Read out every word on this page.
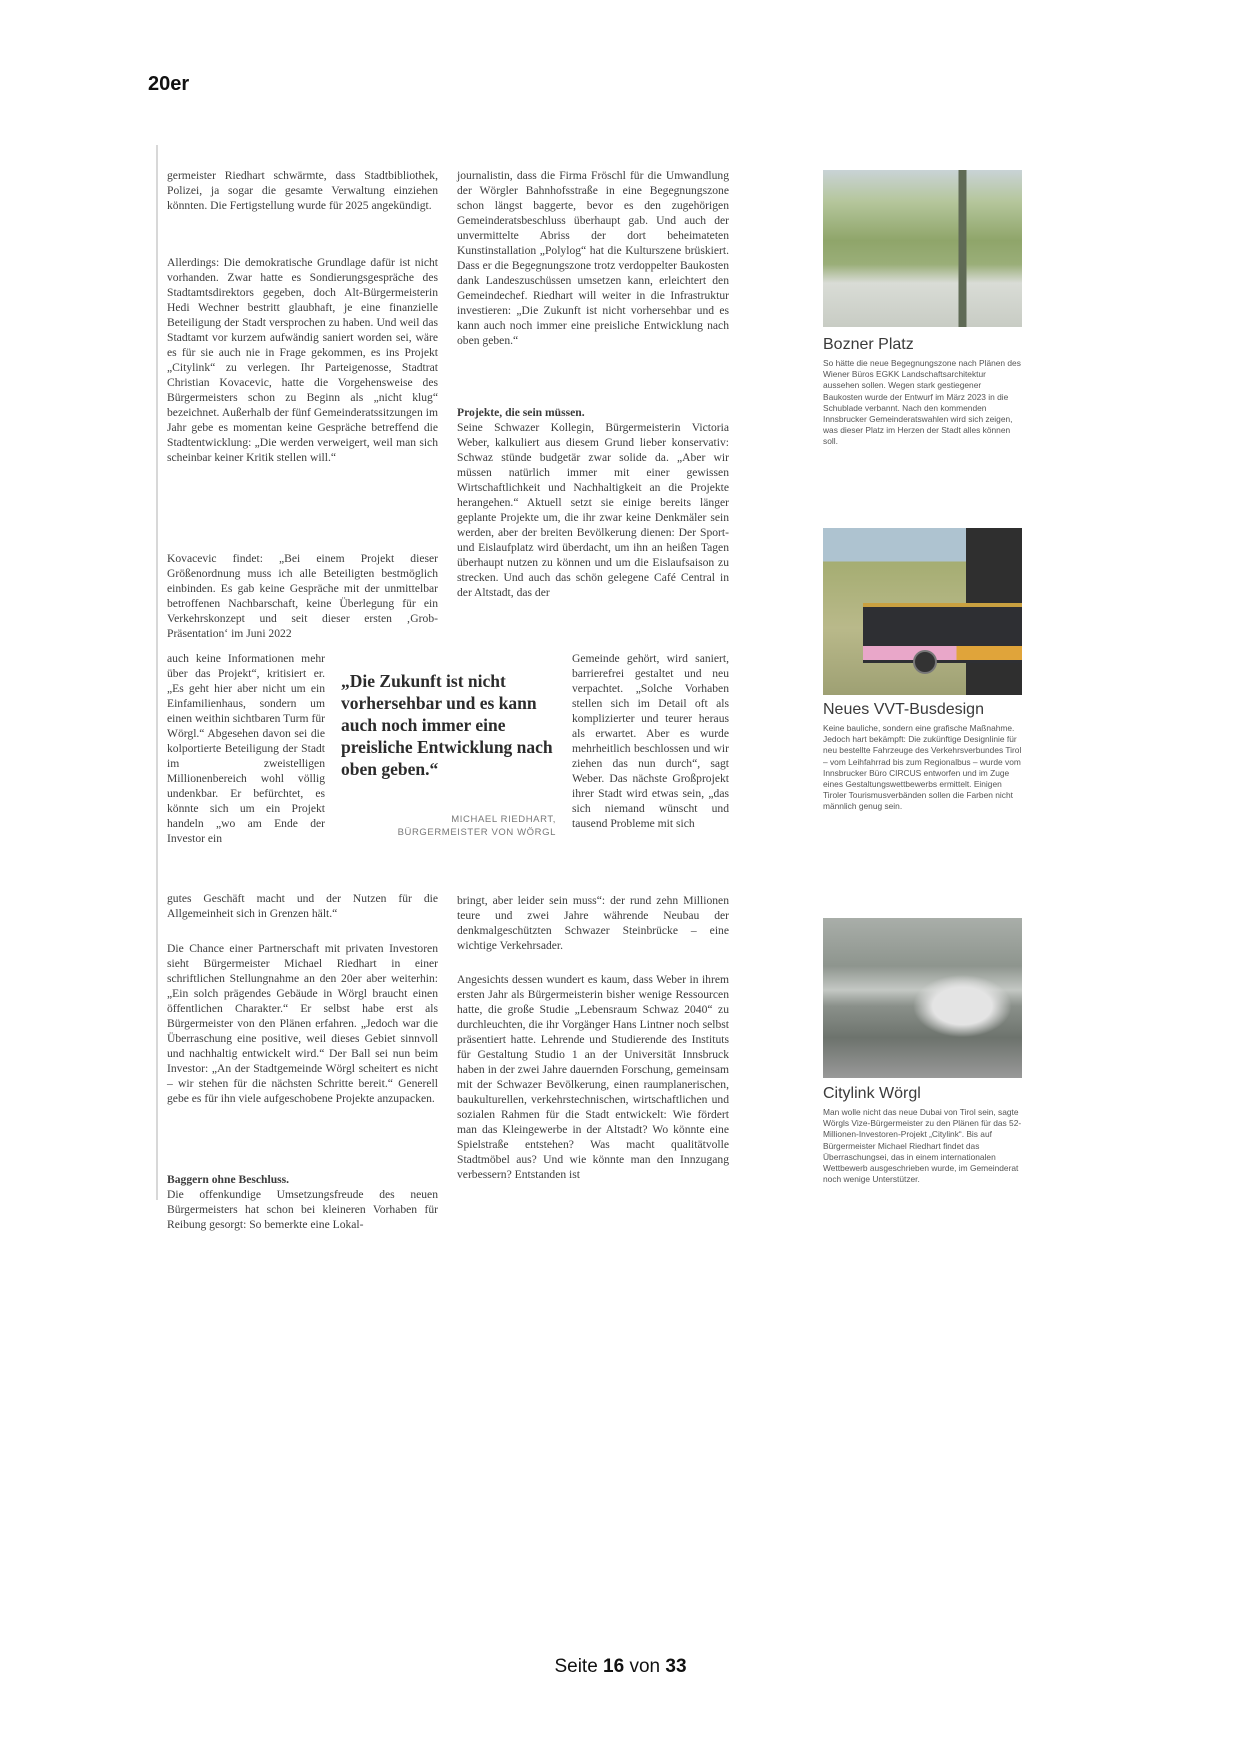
20er

germeister Riedhart schwärmte, dass Stadtbibliothek, Polizei, ja sogar die gesamte Verwaltung einziehen könnten. Die Fertigstellung wurde für 2025 angekündigt.

Allerdings: Die demokratische Grundlage dafür ist nicht vorhanden. Zwar hatte es Sondierungsgespräche des Stadtamtsdirektors gegeben, doch Alt-Bürgermeisterin Hedi Wechner bestritt glaubhaft, je eine finanzielle Beteiligung der Stadt versprochen zu haben. Und weil das Stadtamt vor kurzem aufwändig saniert worden sei, wäre es für sie auch nie in Frage gekommen, es ins Projekt „Citylink“ zu verlegen. Ihr Parteigenosse, Stadtrat Christian Kovacevic, hatte die Vorgehensweise des Bürgermeisters schon zu Beginn als „nicht klug“ bezeichnet. Außerhalb der fünf Gemeinderatssitzungen im Jahr gebe es momentan keine Gespräche betreffend die Stadtentwicklung: „Die werden verweigert, weil man sich scheinbar keiner Kritik stellen will.“

Kovacevic findet: „Bei einem Projekt dieser Größenordnung muss ich alle Beteiligten bestmöglich einbinden. Es gab keine Gespräche mit der unmittelbar betroffenen Nachbarschaft, keine Überlegung für ein Verkehrskonzept und seit dieser ersten ‚Grob-Präsentation‘ im Juni 2022

auch keine Informationen mehr über das Projekt“, kritisiert er. „Es geht hier aber nicht um ein Einfamilienhaus, sondern um einen weithin sichtbaren Turm für Wörgl.“ Abgesehen davon sei die kolportierte Beteiligung der Stadt im zweistelligen Millionenbereich wohl völlig undenkbar. Er befürchtet, es könnte sich um ein Projekt handeln „wo am Ende der Investor ein

gutes Geschäft macht und der Nutzen für die Allgemeinheit sich in Grenzen hält.“

Die Chance einer Partnerschaft mit privaten Investoren sieht Bürgermeister Michael Riedhart in einer schriftlichen Stellungnahme an den 20er aber weiterhin: „Ein solch prägendes Gebäude in Wörgl braucht einen öffentlichen Charakter.“ Er selbst habe erst als Bürgermeister von den Plänen erfahren. „Jedoch war die Überraschung eine positive, weil dieses Gebiet sinnvoll und nachhaltig entwickelt wird.“ Der Ball sei nun beim Investor: „An der Stadtgemeinde Wörgl scheitert es nicht – wir stehen für die nächsten Schritte bereit.“ Generell gebe es für ihn viele aufgeschobene Projekte anzupacken.

Baggern ohne Beschluss.

Die offenkundige Umsetzungsfreude des neuen Bürgermeisters hat schon bei kleineren Vorhaben für Reibung gesorgt: So bemerkte eine Lokal-

„Die Zukunft ist nicht vorhersehbar und es kann auch noch immer eine preisliche Entwicklung nach oben geben.“
MICHAEL RIEDHART,
BÜRGERMEISTER VON WÖRGL

journalistin, dass die Firma Fröschl für die Umwandlung der Wörgler Bahnhofsstraße in eine Begegnungszone schon längst baggerte, bevor es den zugehörigen Gemeinderatsbeschluss überhaupt gab. Und auch der unvermittelte Abriss der dort beheimateten Kunstinstallation „Polylog“ hat die Kulturszene brüskiert. Dass er die Begegnungszone trotz verdoppelter Baukosten dank Landeszuschüssen umsetzen kann, erleichtert den Gemeindechef. Riedhart will weiter in die Infrastruktur investieren: „Die Zukunft ist nicht vorhersehbar und es kann auch noch immer eine preisliche Entwicklung nach oben geben.“

Projekte, die sein müssen.

Seine Schwazer Kollegin, Bürgermeisterin Victoria Weber, kalkuliert aus diesem Grund lieber konservativ: Schwaz stünde budgetär zwar solide da. „Aber wir müssen natürlich immer mit einer gewissen Wirtschaftlichkeit und Nachhaltigkeit an die Projekte herangehen.“ Aktuell setzt sie einige bereits länger geplante Projekte um, die ihr zwar keine Denkmäler sein werden, aber der breiten Bevölkerung dienen: Der Sport- und Eislaufplatz wird überdacht, um ihn an heißen Tagen überhaupt nutzen zu können und um die Eislaufsaison zu strecken. Und auch das schön gelegene Café Central in der Altstadt, das der

Gemeinde gehört, wird saniert, barrierefrei gestaltet und neu verpachtet. „Solche Vorhaben stellen sich im Detail oft als komplizierter und teurer heraus als erwartet. Aber es wurde mehrheitlich beschlossen und wir ziehen das nun durch“, sagt Weber. Das nächste Großprojekt ihrer Stadt wird etwas sein, „das sich niemand wünscht und tausend Probleme mit sich

bringt, aber leider sein muss“: der rund zehn Millionen teure und zwei Jahre währende Neubau der denkmalgeschützten Schwazer Steinbrücke – eine wichtige Verkehrsader.

Angesichts dessen wundert es kaum, dass Weber in ihrem ersten Jahr als Bürgermeisterin bisher wenige Ressourcen hatte, die große Studie „Lebensraum Schwaz 2040“ zu durchleuchten, die ihr Vorgänger Hans Lintner noch selbst präsentiert hatte. Lehrende und Studierende des Instituts für Gestaltung Studio 1 an der Universität Innsbruck haben in der zwei Jahre dauernden Forschung, gemeinsam mit der Schwazer Bevölkerung, einen raumplanerischen, baukulturellen, verkehrstechnischen, wirtschaftlichen und sozialen Rahmen für die Stadt entwickelt: Wie fördert man das Kleingewerbe in der Altstadt? Wo könnte eine Spielstraße entstehen? Was macht qualitätvolle Stadtmöbel aus? Und wie könnte man den Innzugang verbessern? Entstanden ist

Bozner Platz
So hätte die neue Begegnungszone nach Plänen des Wiener Büros EGKK Landschaftsarchitektur aussehen sollen. Wegen stark gestiegener Baukosten wurde der Entwurf im März 2023 in die Schublade verbannt. Nach den kommenden Innsbrucker Gemeinderatswahlen wird sich zeigen, was dieser Platz im Herzen der Stadt alles können soll.
Neues VVT-Busdesign
Keine bauliche, sondern eine grafische Maßnahme. Jedoch hart bekämpft: Die zukünftige Designlinie für neu bestellte Fahrzeuge des Verkehrsverbundes Tirol – vom Leihfahrrad bis zum Regionalbus – wurde vom Innsbrucker Büro CIRCUS entworfen und im Zuge eines Gestaltungswettbewerbs ermittelt. Einigen Tiroler Tourismusverbänden sollen die Farben nicht männlich genug sein.
Citylink Wörgl
Man wolle nicht das neue Dubai von Tirol sein, sagte Wörgls Vize-Bürgermeister zu den Plänen für das 52-Millionen-Investoren-Projekt „Citylink“. Bis auf Bürgermeister Michael Riedhart findet das Überraschungsei, das in einem internationalen Wettbewerb ausgeschrieben wurde, im Gemeinderat noch wenige Unterstützer.
Seite 16 von 33
